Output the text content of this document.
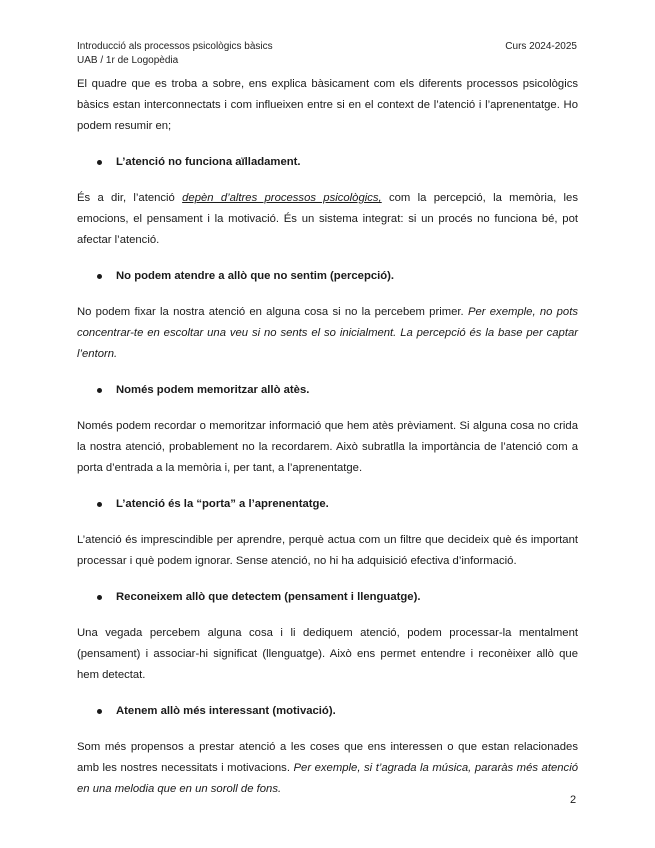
Introducció als processos psicològics bàsics	Curs 2024-2025
UAB / 1r de Logopèdia

El quadre que es troba a sobre, ens explica bàsicament com els diferents processos psicològics bàsics estan interconnectats i com influeixen entre si en el context de l’atenció i l’aprenentatge. Ho podem resumir en;

L’atenció no funciona aïlladament.

És a dir, l’atenció depèn d’altres processos psicològics, com la percepció, la memòria, les emocions, el pensament i la motivació. És un sistema integrat: si un procés no funciona bé, pot afectar l’atenció.

No podem atendre a allò que no sentim (percepció).

No podem fixar la nostra atenció en alguna cosa si no la percebem primer. Per exemple, no pots concentrar-te en escoltar una veu si no sents el so inicialment. La percepció és la base per captar l’entorn.

Només podem memoritzar allò atès.

Només podem recordar o memoritzar informació que hem atès prèviament. Si alguna cosa no crida la nostra atenció, probablement no la recordarem. Això subratlla la importància de l’atenció com a porta d’entrada a la memòria i, per tant, a l’aprenentatge.

L’atenció és la “porta” a l’aprenentatge.

L’atenció és imprescindible per aprendre, perquè actua com un filtre que decideix què és important processar i què podem ignorar. Sense atenció, no hi ha adquisició efectiva d’informació.

Reconeixem allò que detectem (pensament i llenguatge).

Una vegada percebem alguna cosa i li dediquem atenció, podem processar-la mentalment (pensament) i associar-hi significat (llenguatge). Això ens permet entendre i reconèixer allò que hem detectat.

Atenem allò més interessant (motivació).

Som més propensos a prestar atenció a les coses que ens interessen o que estan relacionades amb les nostres necessitats i motivacions. Per exemple, si t’agrada la música, pararàs més atenció en una melodia que en un soroll de fons.

2
